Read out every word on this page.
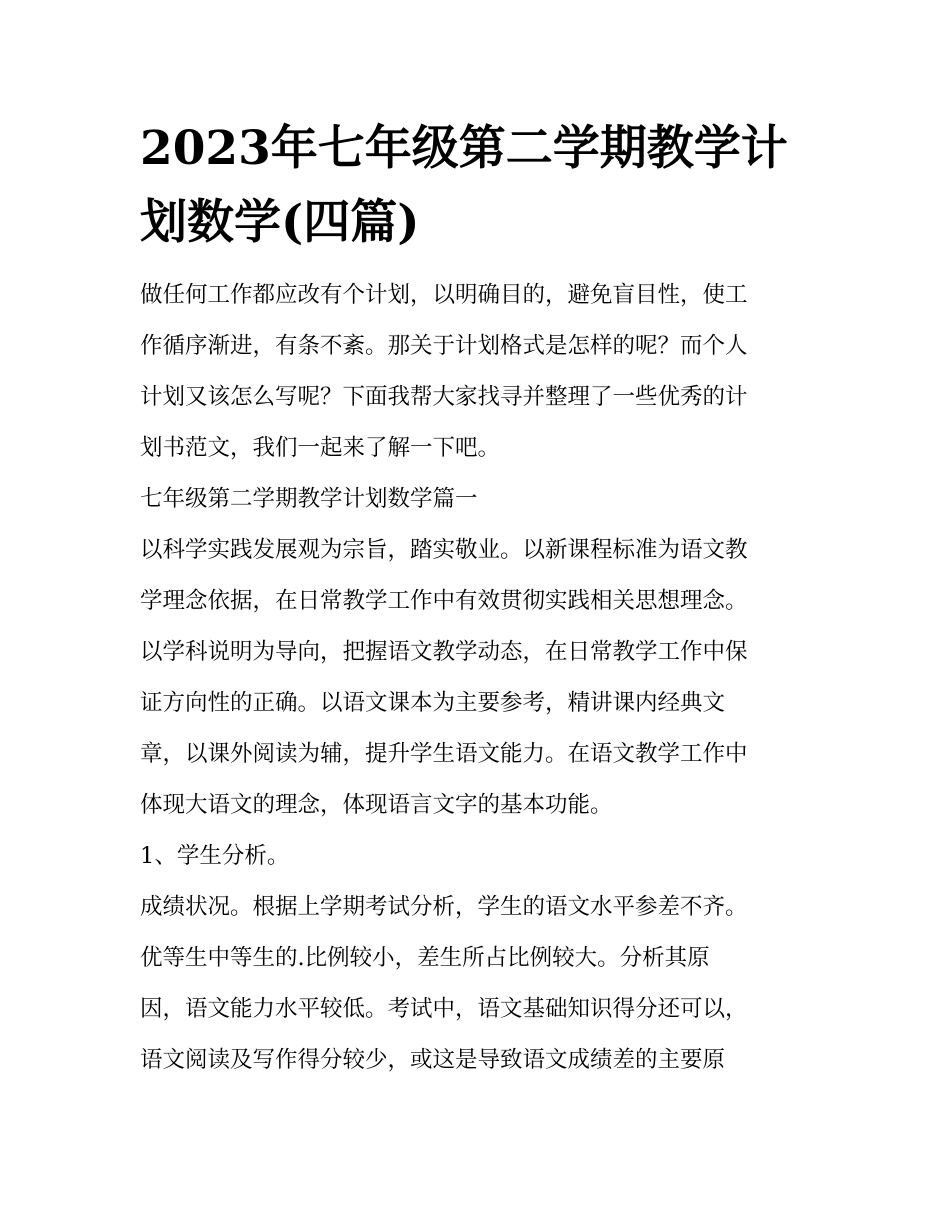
2023年七年级第二学期教学计
划数学(四篇)
做任何工作都应改有个计划，以明确目的，避免盲目性，使工
作循序渐进，有条不紊。那关于计划格式是怎样的呢？而个人
计划又该怎么写呢？下面我帮大家找寻并整理了一些优秀的计
划书范文，我们一起来了解一下吧。
七年级第二学期教学计划数学篇一
以科学实践发展观为宗旨，踏实敬业。以新课程标准为语文教
学理念依据，在日常教学工作中有效贯彻实践相关思想理念。
以学科说明为导向，把握语文教学动态，在日常教学工作中保
证方向性的正确。以语文课本为主要参考，精讲课内经典文
章，以课外阅读为辅，提升学生语文能力。在语文教学工作中
体现大语文的理念，体现语言文字的基本功能。
1、学生分析。
成绩状况。根据上学期考试分析，学生的语文水平参差不齐。
优等生中等生的.比例较小，差生所占比例较大。分析其原
因，语文能力水平较低。考试中，语文基础知识得分还可以，
语文阅读及写作得分较少，或这是导致语文成绩差的主要原
